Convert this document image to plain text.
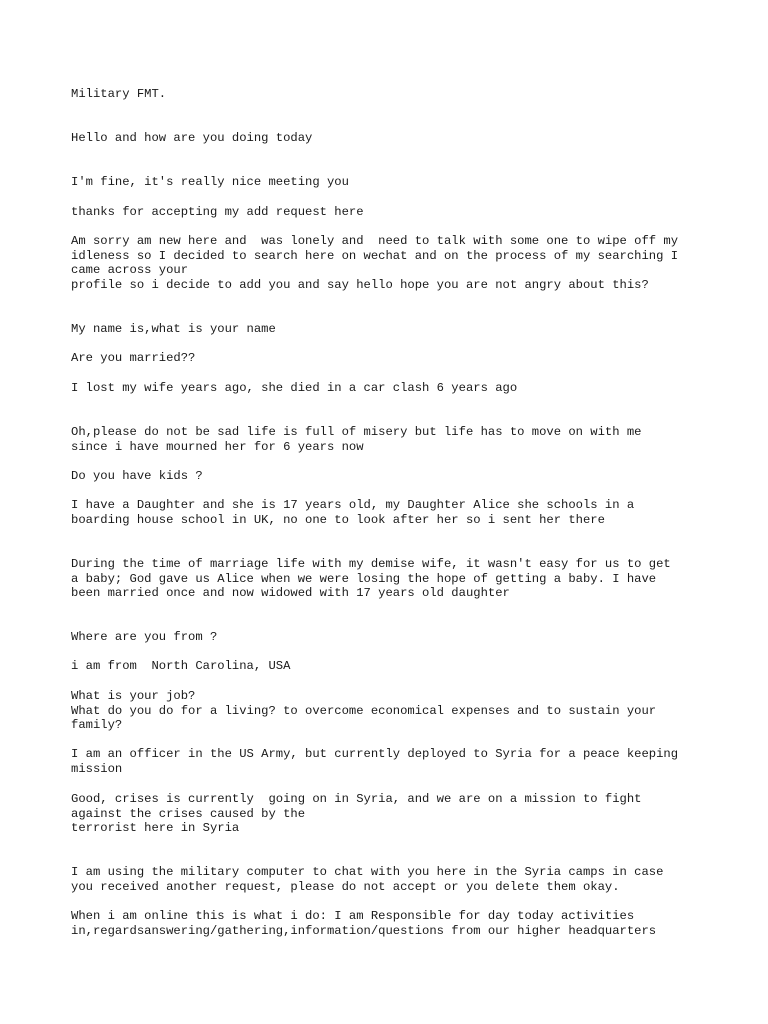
Military FMT.

Hello and how are you doing today

I'm fine, it's really nice meeting you

thanks for accepting my add request here

Am sorry am new here and  was lonely and  need to talk with some one to wipe off my
idleness so I decided to search here on wechat and on the process of my searching I
came across your
profile so i decide to add you and say hello hope you are not angry about this?

My name is,what is your name

Are you married??

I lost my wife years ago, she died in a car clash 6 years ago

Oh,please do not be sad life is full of misery but life has to move on with me
since i have mourned her for 6 years now

Do you have kids ?

I have a Daughter and she is 17 years old, my Daughter Alice she schools in a
boarding house school in UK, no one to look after her so i sent her there

During the time of marriage life with my demise wife, it wasn't easy for us to get
a baby; God gave us Alice when we were losing the hope of getting a baby. I have
been married once and now widowed with 17 years old daughter

Where are you from ?

i am from  North Carolina, USA

What is your job?
What do you do for a living? to overcome economical expenses and to sustain your
family?

I am an officer in the US Army, but currently deployed to Syria for a peace keeping
mission

Good, crises is currently  going on in Syria, and we are on a mission to fight
against the crises caused by the
terrorist here in Syria

I am using the military computer to chat with you here in the Syria camps in case
you received another request, please do not accept or you delete them okay.

When i am online this is what i do: I am Responsible for day today activities
in,regardsanswering/gathering,information/questions from our higher headquarters
